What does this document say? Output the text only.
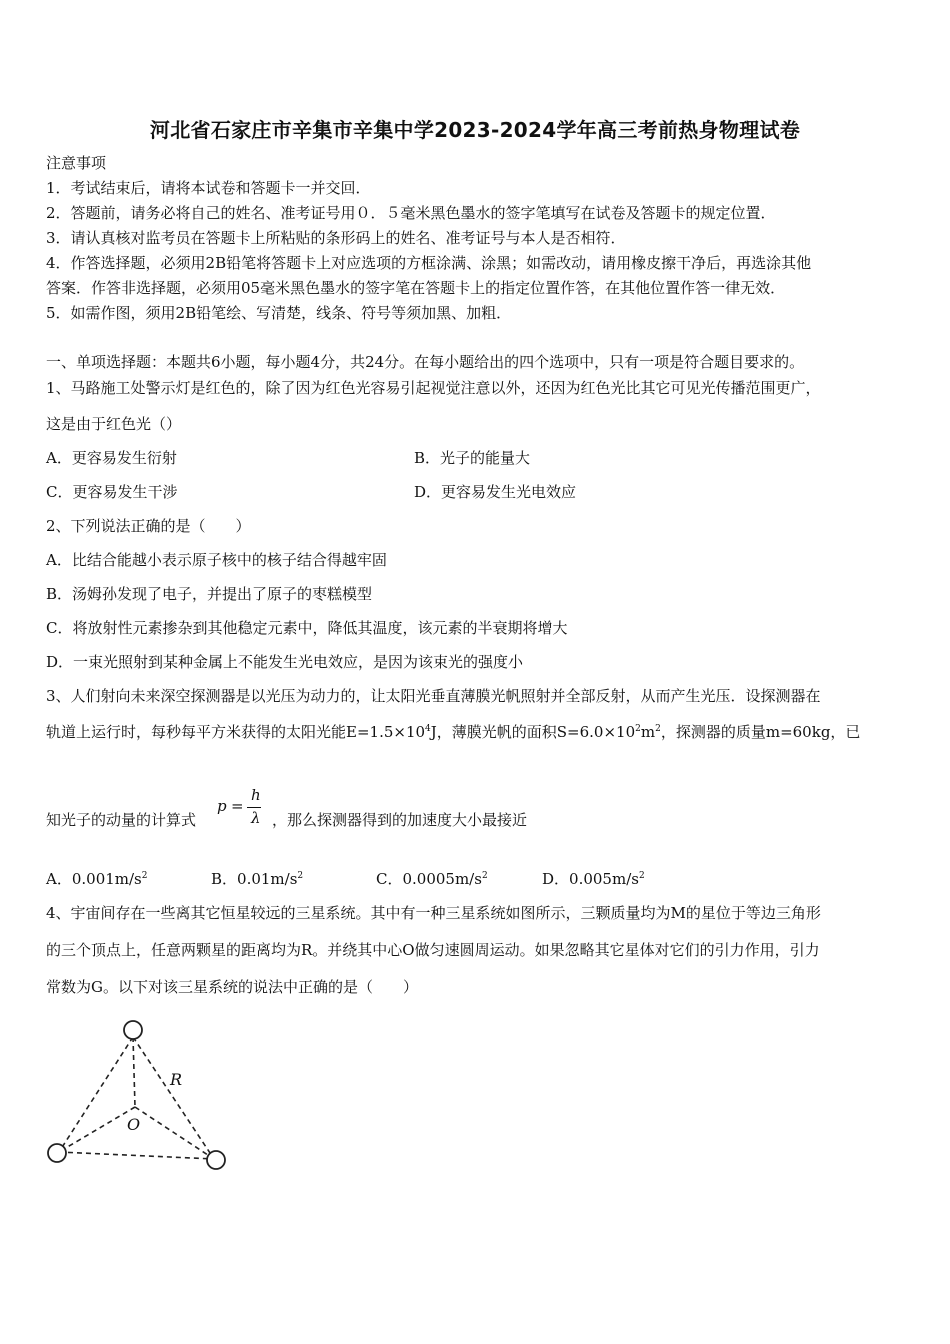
河北省石家庄市辛集市辛集中学2023-2024学年高三考前热身物理试卷
注意事项
1．考试结束后，请将本试卷和答题卡一并交回．
2．答题前，请务必将自己的姓名、准考证号用０．５毫米黑色墨水的签字笔填写在试卷及答题卡的规定位置．
3．请认真核对监考员在答题卡上所粘贴的条形码上的姓名、准考证号与本人是否相符．
4．作答选择题，必须用2B铅笔将答题卡上对应选项的方框涂满、涂黑；如需改动，请用橡皮擦干净后，再选涂其他
答案．作答非选择题，必须用05毫米黑色墨水的签字笔在答题卡上的指定位置作答，在其他位置作答一律无效．
5．如需作图，须用2B铅笔绘、写清楚，线条、符号等须加黑、加粗．
一、单项选择题：本题共6小题，每小题4分，共24分。在每小题给出的四个选项中，只有一项是符合题目要求的。
1、马路施工处警示灯是红色的，除了因为红色光容易引起视觉注意以外，还因为红色光比其它可见光传播范围更广，
这是由于红色光（）
A．更容易发生衍射	B．光子的能量大
C．更容易发生干涉	D．更容易发生光电效应
2、下列说法正确的是（　　）
A．比结合能越小表示原子核中的核子结合得越牢固
B．汤姆孙发现了电子，并提出了原子的枣糕模型
C．将放射性元素掺杂到其他稳定元素中，降低其温度，该元素的半衰期将增大
D．一束光照射到某种金属上不能发生光电效应，是因为该束光的强度小
3、人们射向未来深空探测器是以光压为动力的，让太阳光垂直薄膜光帆照射并全部反射，从而产生光压．设探测器在
轨道上运行时，每秒每平方米获得的太阳光能$E=1.5\times 10^4J$，薄膜光帆的面积$S=6.0\times 10^2m^2$，探测器的质量m=60kg，已
知光子的动量的计算式
p =
h
λ ，那么探测器得到的加速度大小最接近
A．$0.001m/s^2$	B．$0.01m/s^2$	C．$0.0005m/s^2$	D．$0.005m/s^2$
4、宇宙间存在一些离其它恒星较远的三星系统。其中有一种三星系统如图所示，三颗质量均为M的星位于等边三角形
的三个顶点上，任意两颗星的距离均为R。并绕其中心O做匀速圆周运动。如果忽略其它星体对它们的引力作用，引力
常数为G。以下对该三星系统的说法中正确的是（　　）
R
O
